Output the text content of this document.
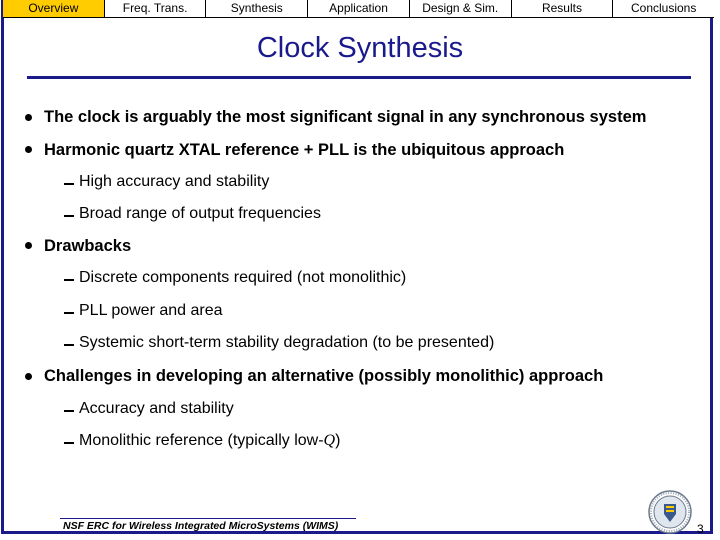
Overview	Freq. Trans.	Synthesis	Application	Design & Sim.	Results	Conclusions
Clock Synthesis
The clock is arguably the most significant signal in any synchronous system
Harmonic quartz XTAL reference + PLL is the ubiquitous approach
High accuracy and stability
Broad range of output frequencies
Drawbacks
Discrete components required (not monolithic)
PLL power and area
Systemic short-term stability degradation (to be presented)
Challenges in developing an alternative (possibly monolithic) approach
Accuracy and stability
Monolithic reference (typically low-Q)
NSF ERC for Wireless Integrated MicroSystems (WIMS)	3
